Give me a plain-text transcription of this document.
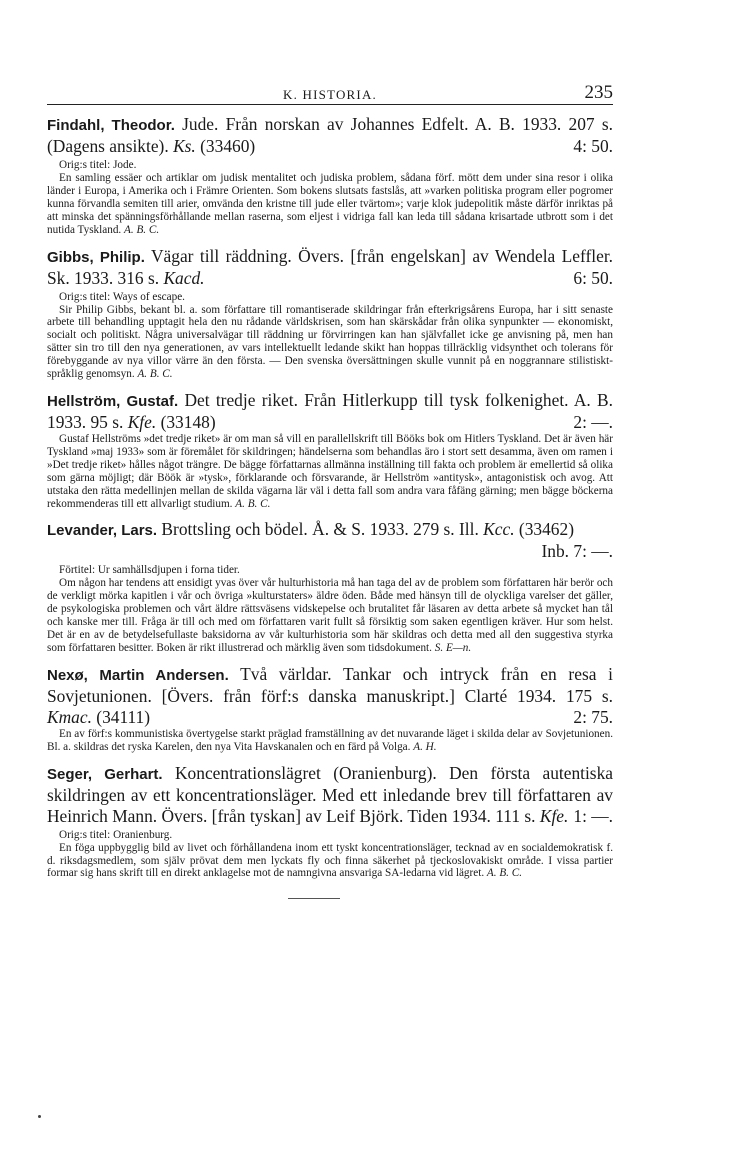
K. HISTORIA.	235
Findahl, Theodor. Jude. Från norskan av Johannes Edfelt. A. B. 1933. 207 s. (Dagens ansikte). Ks. (33460)	4: 50.
Orig:s titel: Jode.
En samling essäer och artiklar om judisk mentalitet och judiska problem, sådana förf. mött dem under sina resor i olika länder i Europa, i Amerika och i Främre Orienten. Som bokens slutsats fastslås, att »varken politiska program eller pogromer kunna förvandla semiten till arier, omvända den kristne till jude eller tvärtom»; varje klok judepolitik måste därför inriktas på att minska det spänningsförhållande mellan raserna, som eljest i vidriga fall kan leda till sådana krisartade utbrott som i det nutida Tyskland. A. B. C.
Gibbs, Philip. Vägar till räddning. Övers. [från engelskan] av Wendela Leffler. Sk. 1933. 316 s. Kacd.	6: 50.
Orig:s titel: Ways of escape.
Sir Philip Gibbs, bekant bl. a. som författare till romantiserade skildringar från efterkrigsårens Europa, har i sitt senaste arbete till behandling upptagit hela den nu rådande världskrisen, som han skärskådar från olika synpunkter — ekonomiskt, socialt och politiskt. Några universalvägar till räddning ur förvirringen kan han självfallet icke ge anvisning på, men han sätter sin tro till den nya generationen, av vars intellektuellt ledande skikt han hoppas tillräcklig vidsynthet och tolerans för förebyggande av nya villor värre än den första. — Den svenska översättningen skulle vunnit på en noggrannare stilistiskt-språklig genomsyn. A. B. C.
Hellström, Gustaf. Det tredje riket. Från Hitlerkupp till tysk folkenighet. A. B. 1933. 95 s. Kfe. (33148)	2: —.
Gustaf Hellströms »det tredje riket» är om man så vill en parallellskrift till Bööks bok om Hitlers Tyskland. Det är även här Tyskland »maj 1933» som är föremålet för skildringen; händelserna som behandlas äro i stort sett desamma, även om ramen i »Det tredje riket» hålles något trängre. De bägge författarnas allmänna inställning till fakta och problem är emellertid så olika som gärna möjligt; där Böök är »tysk», förklarande och försvarande, är Hellström »antitysk», antagonistisk och avog. Att utstaka den rätta medellinjen mellan de skilda vägarna lär väl i detta fall som andra vara fåfäng gärning; men bägge böckerna rekommenderas till ett allvarligt studium. A. B. C.
Levander, Lars. Brottsling och bödel. Å. & S. 1933. 279 s. Ill. Kcc. (33462)
Inb. 7: —.
Förtitel: Ur samhällsdjupen i forna tider.
Om någon har tendens att ensidigt yvas över vår hulturhistoria må han taga del av de problem som författaren här berör och de verkligt mörka kapitlen i vår och övriga »kulturstaters» äldre öden. Både med hänsyn till de olyckliga varelser det gäller, de psykologiska problemen och vårt äldre rättsväsens vidskepelse och brutalitet får läsaren av detta arbete så mycket han tål och kanske mer till. Fråga är till och med om författaren varit fullt så försiktig som saken egentligen kräver. Hur som helst. Det är en av de betydelsefullaste baksidorna av vår kulturhistoria som här skildras och detta med all den suggestiva styrka som författaren besitter. Boken är rikt illustrerad och märklig även som tidsdokument. S. E—n.
Nexø, Martin Andersen. Två världar. Tankar och intryck från en resa i Sovjetunionen. [Övers. från förf:s danska manuskript.] Clarté 1934. 175 s. Kmac. (34111)	2: 75.
En av förf:s kommunistiska övertygelse starkt präglad framställning av det nuvarande läget i skilda delar av Sovjetunionen. Bl. a. skildras det ryska Karelen, den nya Vita Havskanalen och en färd på Volga. A. H.
Seger, Gerhart. Koncentrationslägret (Oranienburg). Den första autentiska skildringen av ett koncentrationsläger. Med ett inledande brev till författaren av Heinrich Mann. Övers. [från tyskan] av Leif Björk. Tiden 1934. 111 s. Kfe. 1: —.
Orig:s titel: Oranienburg.
En föga uppbygglig bild av livet och förhållandena inom ett tyskt koncentrationsläger, tecknad av en socialdemokratisk f. d. riksdagsmedlem, som själv prövat dem men lyckats fly och finna säkerhet på tjeckoslovakiskt område. I vissa partier formar sig hans skrift till en direkt anklagelse mot de namngivna ansvariga SA-ledarna vid lägret. A. B. C.
